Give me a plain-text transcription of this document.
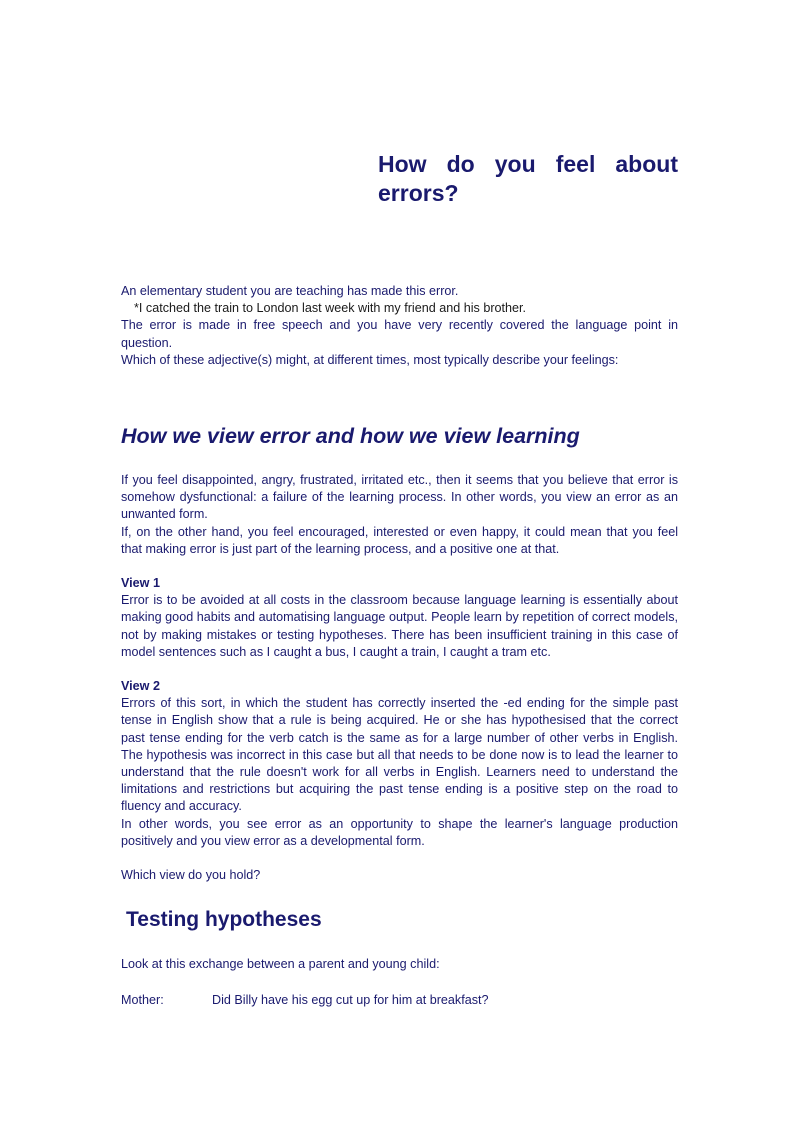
How do you feel about errors?

An elementary student you are teaching has made this error.

*I catched the train to London last week with my friend and his brother.

The error is made in free speech and you have very recently covered the language point in question.

Which of these adjective(s) might, at different times, most typically describe your feelings:

How we view error and how we view learning

If you feel disappointed, angry, frustrated, irritated etc., then it seems that you believe that error is somehow dysfunctional: a failure of the learning process. In other words, you view an error as an unwanted form.

If, on the other hand, you feel encouraged, interested or even happy, it could mean that you feel that making error is just part of the learning process, and a positive one at that.

View 1

Error is to be avoided at all costs in the classroom because language learning is essentially about making good habits and automatising language output. People learn by repetition of correct models, not by making mistakes or testing hypotheses. There has been insufficient training in this case of model sentences such as I caught a bus, I caught a train, I caught a tram etc.

View 2

Errors of this sort, in which the student has correctly inserted the -ed ending for the simple past tense in English show that a rule is being acquired. He or she has hypothesised that the correct past tense ending for the verb catch is the same as for a large number of other verbs in English. The hypothesis was incorrect in this case but all that needs to be done now is to lead the learner to understand that the rule doesn't work for all verbs in English. Learners need to understand the limitations and restrictions but acquiring the past tense ending is a positive step on the road to fluency and accuracy.

In other words, you see error as an opportunity to shape the learner's language production positively and you view error as a developmental form.

Which view do you hold?

Testing hypotheses

Look at this exchange between a parent and young child:

Mother:	Did Billy have his egg cut up for him at breakfast?
